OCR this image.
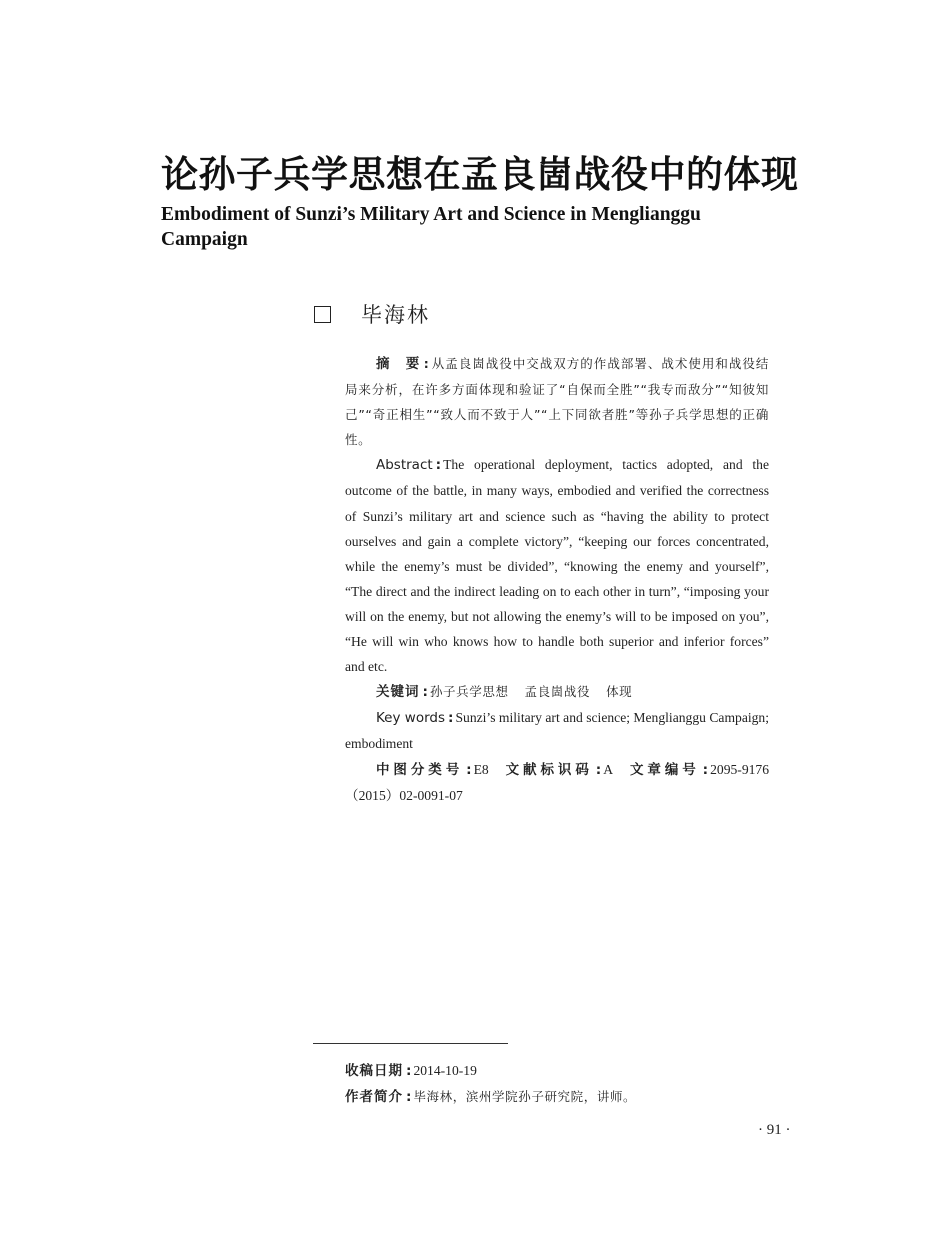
论孙子兵学思想在孟良崮战役中的体现
Embodiment of Sunzi’s Military Art and Science in Menglianggu Campaign
毕海林

摘　要 : 从孟良崮战役中交战双方的作战部署、战术使用和战役结局来分析，在许多方面体现和验证了“自保而全胜”“我专而敌分”“知彼知己”“奇正相生”“致人而不致于人”“上下同欲者胜”等孙子兵学思想的正确性。

Abstract : The operational deployment, tactics adopted, and the outcome of the battle, in many ways, embodied and verified the correctness of Sunzi’s military art and science such as “having the ability to protect ourselves and gain a complete victory”, “keeping our forces concentrated, while the enemy’s must be divided”, “knowing the enemy and yourself”, “The direct and the indirect leading on to each other in turn”, “imposing your will on the enemy, but not allowing the enemy’s will to be imposed on you”, “He will win who knows how to handle both superior and inferior forces” and etc.

关键词 : 孙子兵学思想 孟良崮战役 体现

Key words : Sunzi’s military art and science; Menglianggu Campaign; embodiment

中图分类号 : E8 文献标识码 : A 文章编号 : 2095-9176（2015）02-0091-07

收稿日期 : 2014-10-19

作者简介 : 毕海林，滨州学院孙子研究院，讲师。

· 91 ·
